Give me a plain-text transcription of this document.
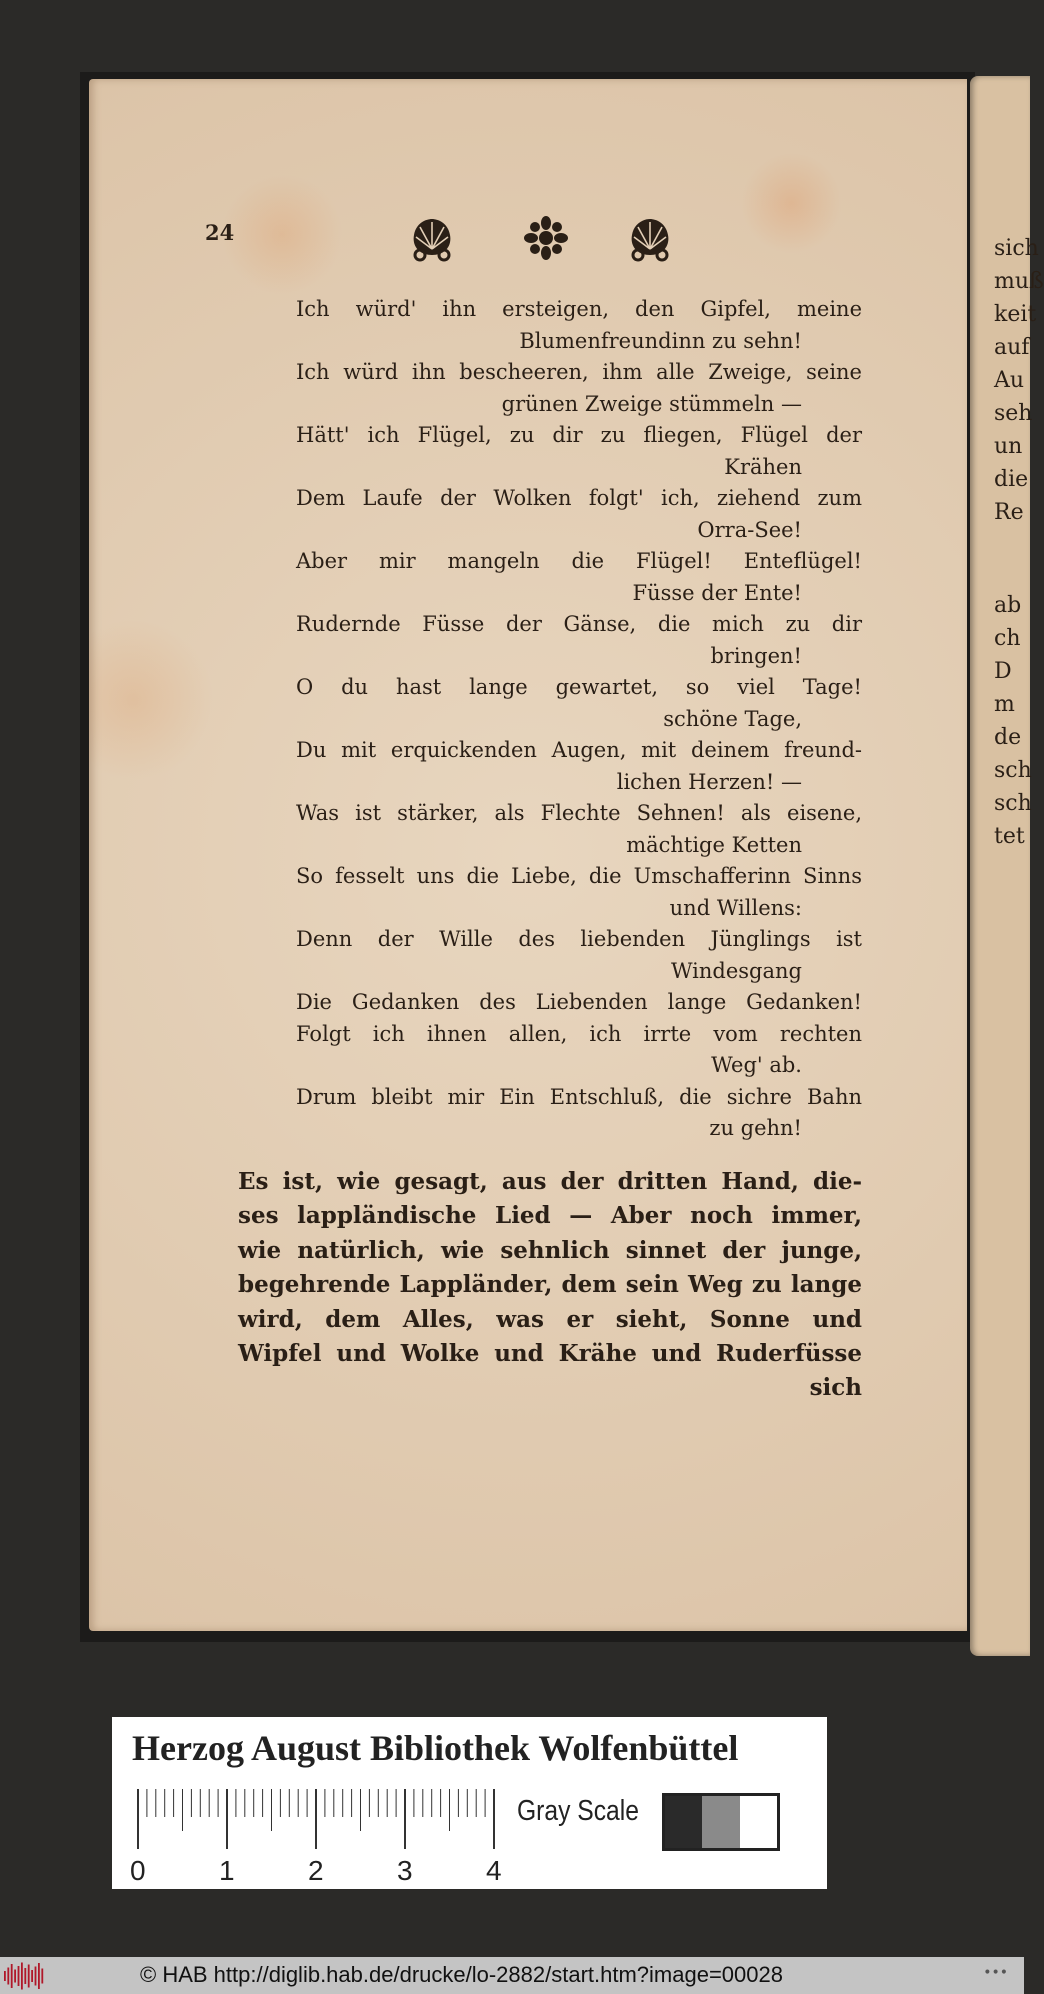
sich
muß
keit
auf
Au
seh
un
die
Re
ab
ch
D
m
de
sch
sch
tet
24
Ich würd' ihn ersteigen, den Gipfel, meine
Blumenfreundinn zu sehn!
Ich würd ihn bescheeren, ihm alle Zweige, seine
grünen Zweige stümmeln —
Hätt' ich Flügel, zu dir zu fliegen, Flügel der
Krähen
Dem Laufe der Wolken folgt' ich, ziehend zum
Orra-See!
Aber mir mangeln die Flügel! Enteflügel!
Füsse der Ente!
Rudernde Füsse der Gänse, die mich zu dir
bringen!
O du hast lange gewartet, so viel Tage!
schöne Tage,
Du mit erquickenden Augen, mit deinem freund-
lichen Herzen! —
Was ist stärker, als Flechte Sehnen! als eisene,
mächtige Ketten
So fesselt uns die Liebe, die Umschafferinn Sinns
und Willens:
Denn der Wille des liebenden Jünglings ist
Windesgang
Die Gedanken des Liebenden lange Gedanken!
Folgt ich ihnen allen, ich irrte vom rechten
Weg' ab.
Drum bleibt mir Ein Entschluß, die sichre Bahn
zu gehn!
Es ist, wie gesagt, aus der dritten Hand, die-
ses lappländische Lied — Aber noch immer,
wie natürlich, wie sehnlich sinnet der junge,
begehrende Lappländer, dem sein Weg zu lange
wird, dem Alles, was er sieht, Sonne und
Wipfel und Wolke und Krähe und Ruderfüsse
sich
Herzog August Bibliothek Wolfenbüttel
0	1	2	3	4
Gray Scale
© HAB http://diglib.hab.de/drucke/lo-2882/start.htm?image=00028	•••
